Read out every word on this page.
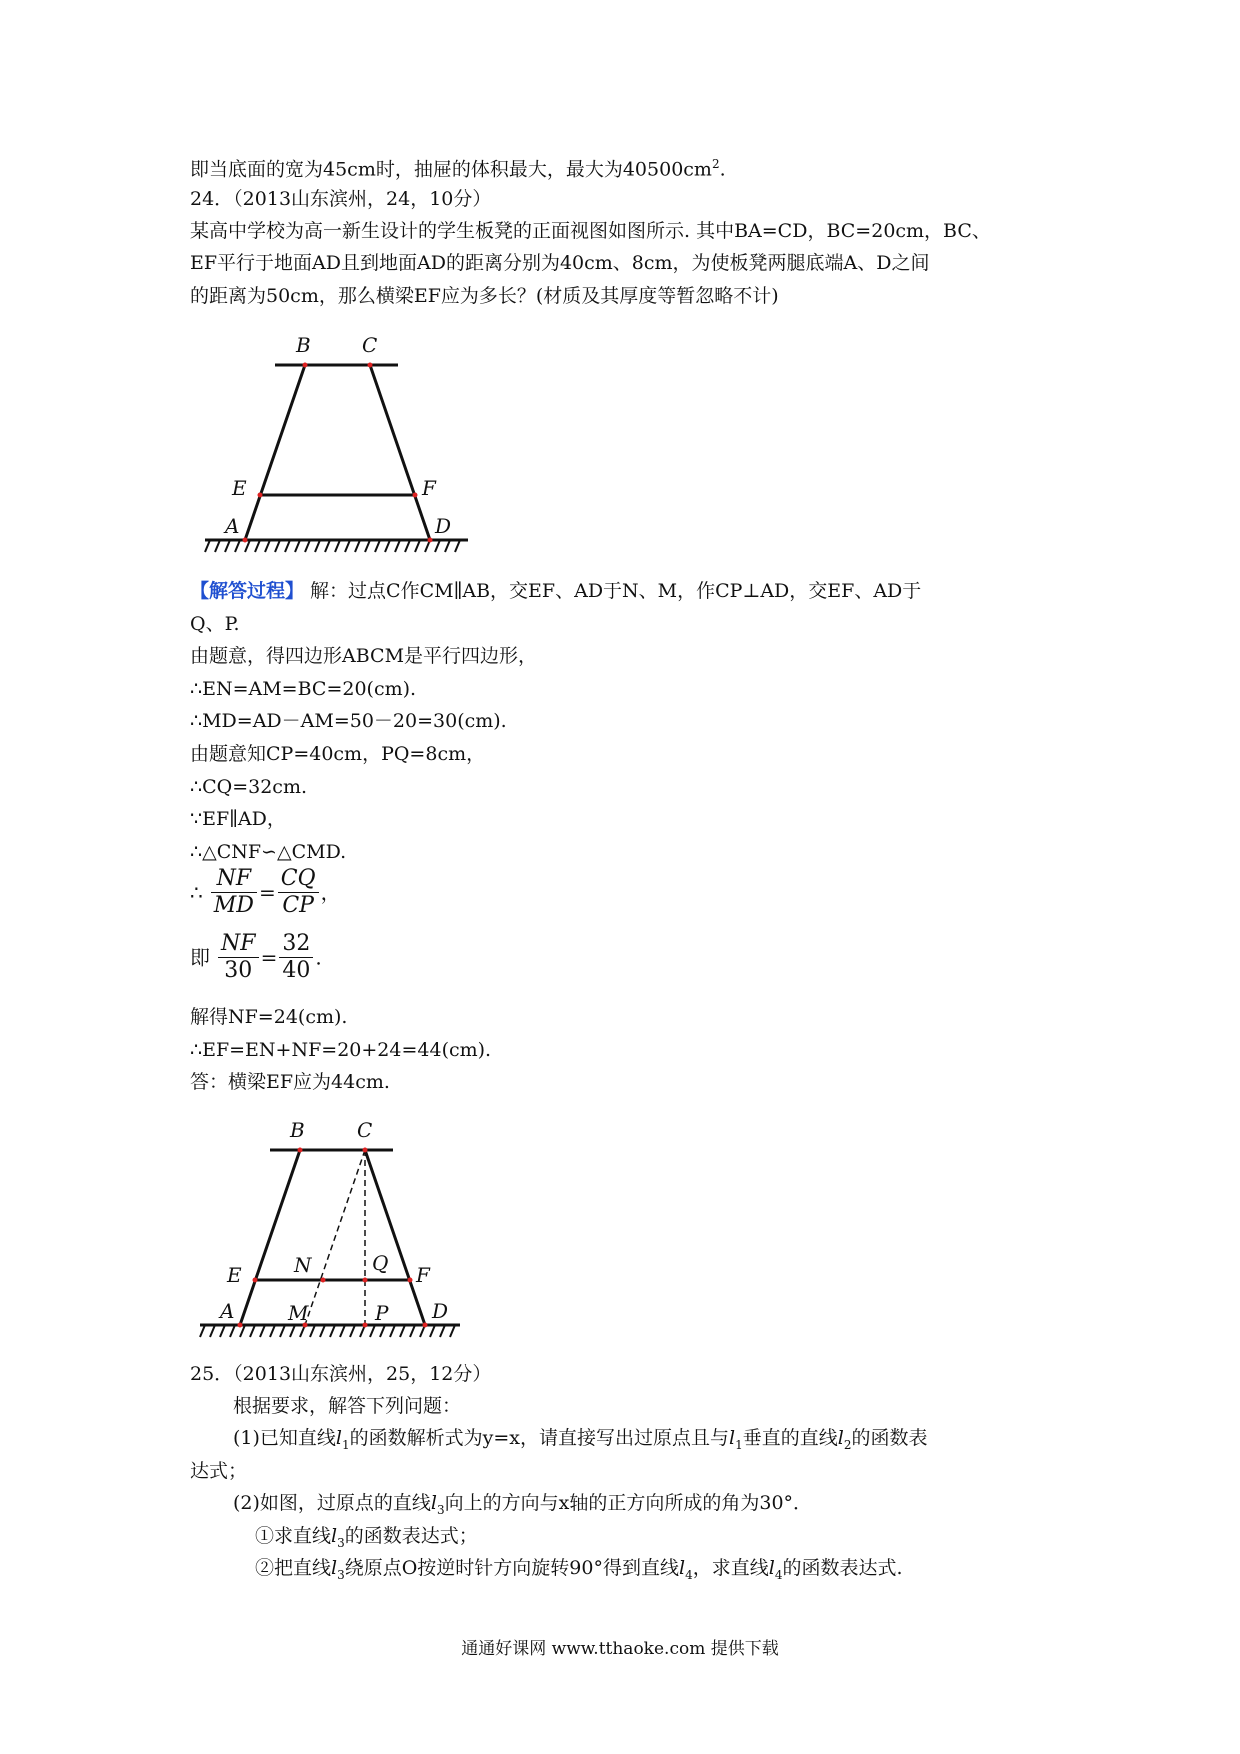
即当底面的宽为45cm时，抽屉的体积最大，最大为$40500cm^2$.
24．（2013山东滨州，24，10分）
某高中学校为高一新生设计的学生板凳的正面视图如图所示. 其中BA=CD，BC=20cm，BC、
EF平行于地面AD且到地面AD的距离分别为40cm、8cm，为使板凳两腿底端A、D之间
的距离为50cm，那么横梁EF应为多长？(材质及其厚度等暂忽略不计)
B	C
E	F
A	D
【解答过程】 解：过点C作CM∥AB，交EF、AD于N、M，作CP⊥AD，交EF、AD于
Q、P.
由题意，得四边形ABCM是平行四边形，
∴EN=AM=BC=20(cm).
∴MD=AD－AM=50－20=30(cm).
由题意知CP=40cm，PQ=8cm，
∴CQ=32cm.
∵EF∥AD，
∴△CNF∽△CMD.
∴ $\frac{NF}{MD} = \frac{CQ}{CP}$ ，
即 $\frac{NF}{30} = \frac{32}{40}$ .
解得NF=24(cm).
∴EF=EN+NF=20+24=44(cm).
答：横梁EF应为44cm.
B	C
E	N	Q F
A	M	P D
25．（2013山东滨州，25，12分）
根据要求，解答下列问题：
(1)已知直线$l_1$的函数解析式为y=x，请直接写出过原点且与$l_1$垂直的直线$l_2$的函数表
达式；
(2)如图，过原点的直线$l_3$向上的方向与x轴的正方向所成的角为30°．
①求直线$l_3$的函数表达式；
②把直线$l_3$绕原点O按逆时针方向旋转90°得到直线$l_4$，求直线$l_4$的函数表达式.
通通好课网 www.tthaoke.com 提供下载
